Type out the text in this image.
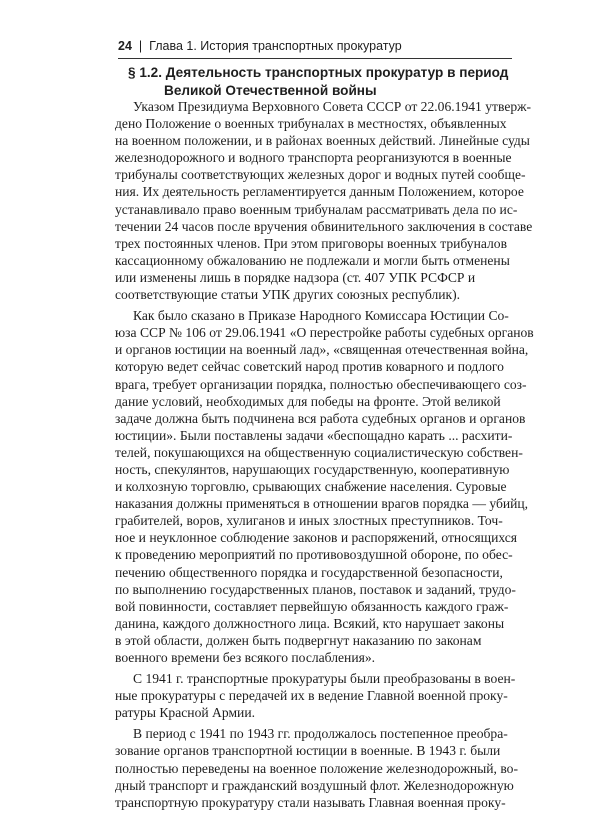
24 | Глава 1. История транспортных прокуратур
§ 1.2. Деятельность транспортных прокуратур в период
Великой Отечественной войны
Указом Президиума Верховного Совета СССР от 22.06.1941 утверж-
дено Положение о военных трибуналах в местностях, объявленных
на военном положении, и в районах военных действий. Линейные суды
железнодорожного и водного транспорта реорганизуются в военные
трибуналы соответствующих железных дорог и водных путей сообще-
ния. Их деятельность регламентируется данным Положением, которое
устанавливало право военным трибуналам рассматривать дела по ис-
течении 24 часов после вручения обвинительного заключения в составе
трех постоянных членов. При этом приговоры военных трибуналов
кассационному обжалованию не подлежали и могли быть отменены
или изменены лишь в порядке надзора (ст. 407 УПК РСФСР и
соответствующие статьи УПК других союзных республик).
Как было сказано в Приказе Народного Комиссара Юстиции Со-
юза ССР № 106 от 29.06.1941 «О перестройке работы судебных органов
и органов юстиции на военный лад», «священная отечественная война,
которую ведет сейчас советский народ против коварного и подлого
врага, требует организации порядка, полностью обеспечивающего соз-
дание условий, необходимых для победы на фронте. Этой великой
задаче должна быть подчинена вся работа судебных органов и органов
юстиции». Были поставлены задачи «беспощадно карать ... расхити-
телей, покушающихся на общественную социалистическую собствен-
ность, спекулянтов, нарушающих государственную, кооперативную
и колхозную торговлю, срывающих снабжение населения. Суровые
наказания должны применяться в отношении врагов порядка — убийц,
грабителей, воров, хулиганов и иных злостных преступников. Точ-
ное и неуклонное соблюдение законов и распоряжений, относящихся
к проведению мероприятий по противовоздушной обороне, по обес-
печению общественного порядка и государственной безопасности,
по выполнению государственных планов, поставок и заданий, трудо-
вой повинности, составляет первейшую обязанность каждого граж-
данина, каждого должностного лица. Всякий, кто нарушает законы
в этой области, должен быть подвергнут наказанию по законам
военного времени без всякого послабления».
С 1941 г. транспортные прокуратуры были преобразованы в воен-
ные прокуратуры с передачей их в ведение Главной военной проку-
ратуры Красной Армии.
В период с 1941 по 1943 гг. продолжалось постепенное преобра-
зование органов транспортной юстиции в военные. В 1943 г. были
полностью переведены на военное положение железнодорожный, во-
дный транспорт и гражданский воздушный флот. Железнодорожную
транспортную прокуратуру стали называть Главная военная проку-
